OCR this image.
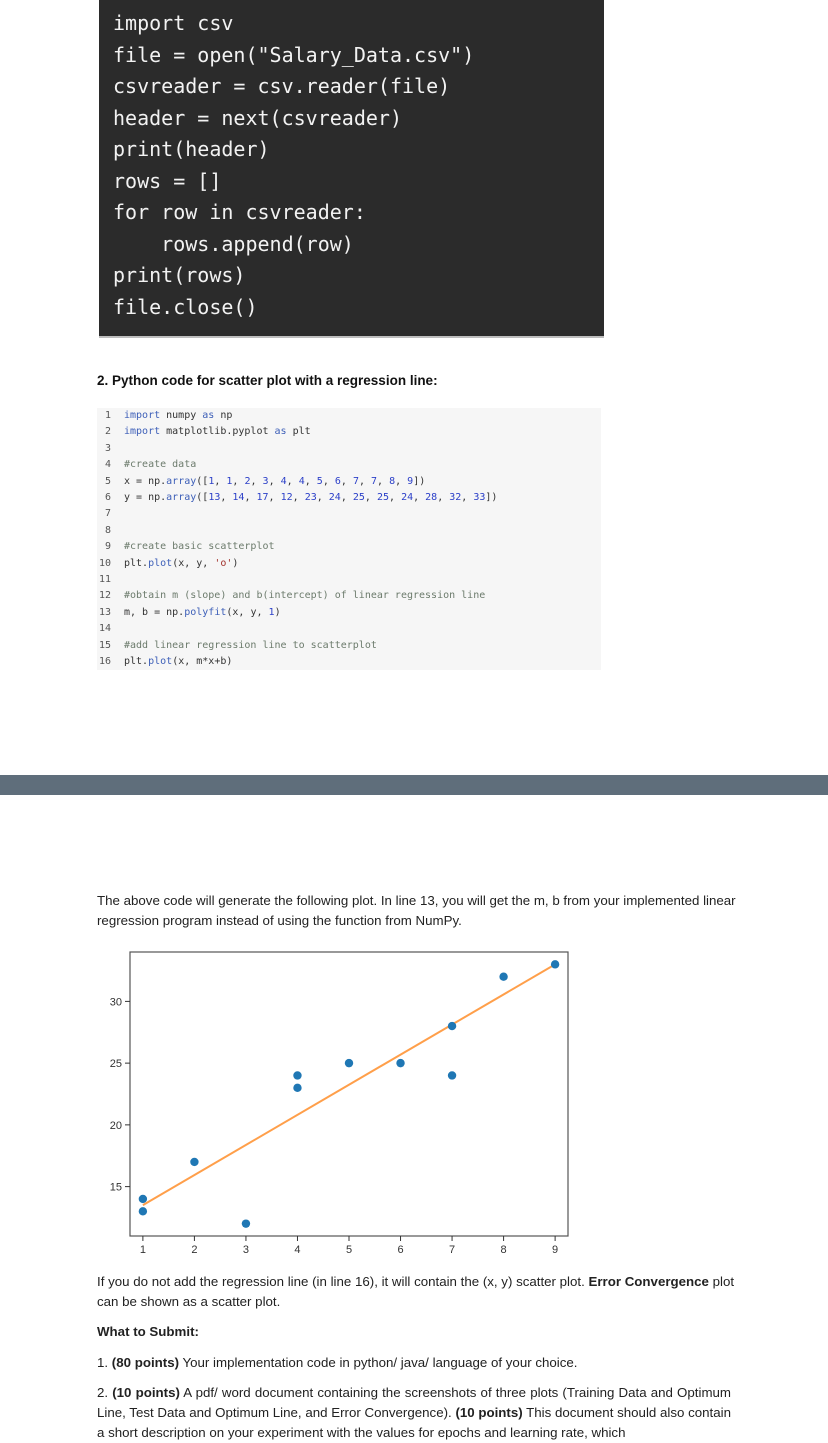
import csv
file = open("Salary_Data.csv")
csvreader = csv.reader(file)
header = next(csvreader)
print(header)
rows = []
for row in csvreader:
rows.append(row)
print(rows)
file.close()
2. Python code for scatter plot with a regression line:
1 import numpy as np
2 import matplotlib.pyplot as plt
3
4 #create data
5 x = np.array([1, 1, 2, 3, 4, 4, 5, 6, 7, 7, 8, 9])
6 y = np.array([13, 14, 17, 12, 23, 24, 25, 25, 24, 28, 32, 33])
7
8
9 #create basic scatterplot
10 plt.plot(x, y, 'o')
11
12 #obtain m (slope) and b(intercept) of linear regression line
13 m, b = np.polyfit(x, y, 1)
14
15 #add linear regression line to scatterplot
16 plt.plot(x, m*x+b)
The above code will generate the following plot. In line 13, you will get the m, b from your implemented linear regression program instead of using the function from NumPy.
1	2	3	4	5	6	7	8	9
15
20
25
30
If you do not add the regression line (in line 16), it will contain the (x, y) scatter plot. Error Convergence plot can be shown as a scatter plot.
What to Submit:
1. (80 points) Your implementation code in python/ java/ language of your choice.
2. (10 points) A pdf/ word document containing the screenshots of three plots (Training Data and Optimum Line, Test Data and Optimum Line, and Error Convergence). (10 points) This document should also contain a short description on your experiment with the values for epochs and learning rate, which
